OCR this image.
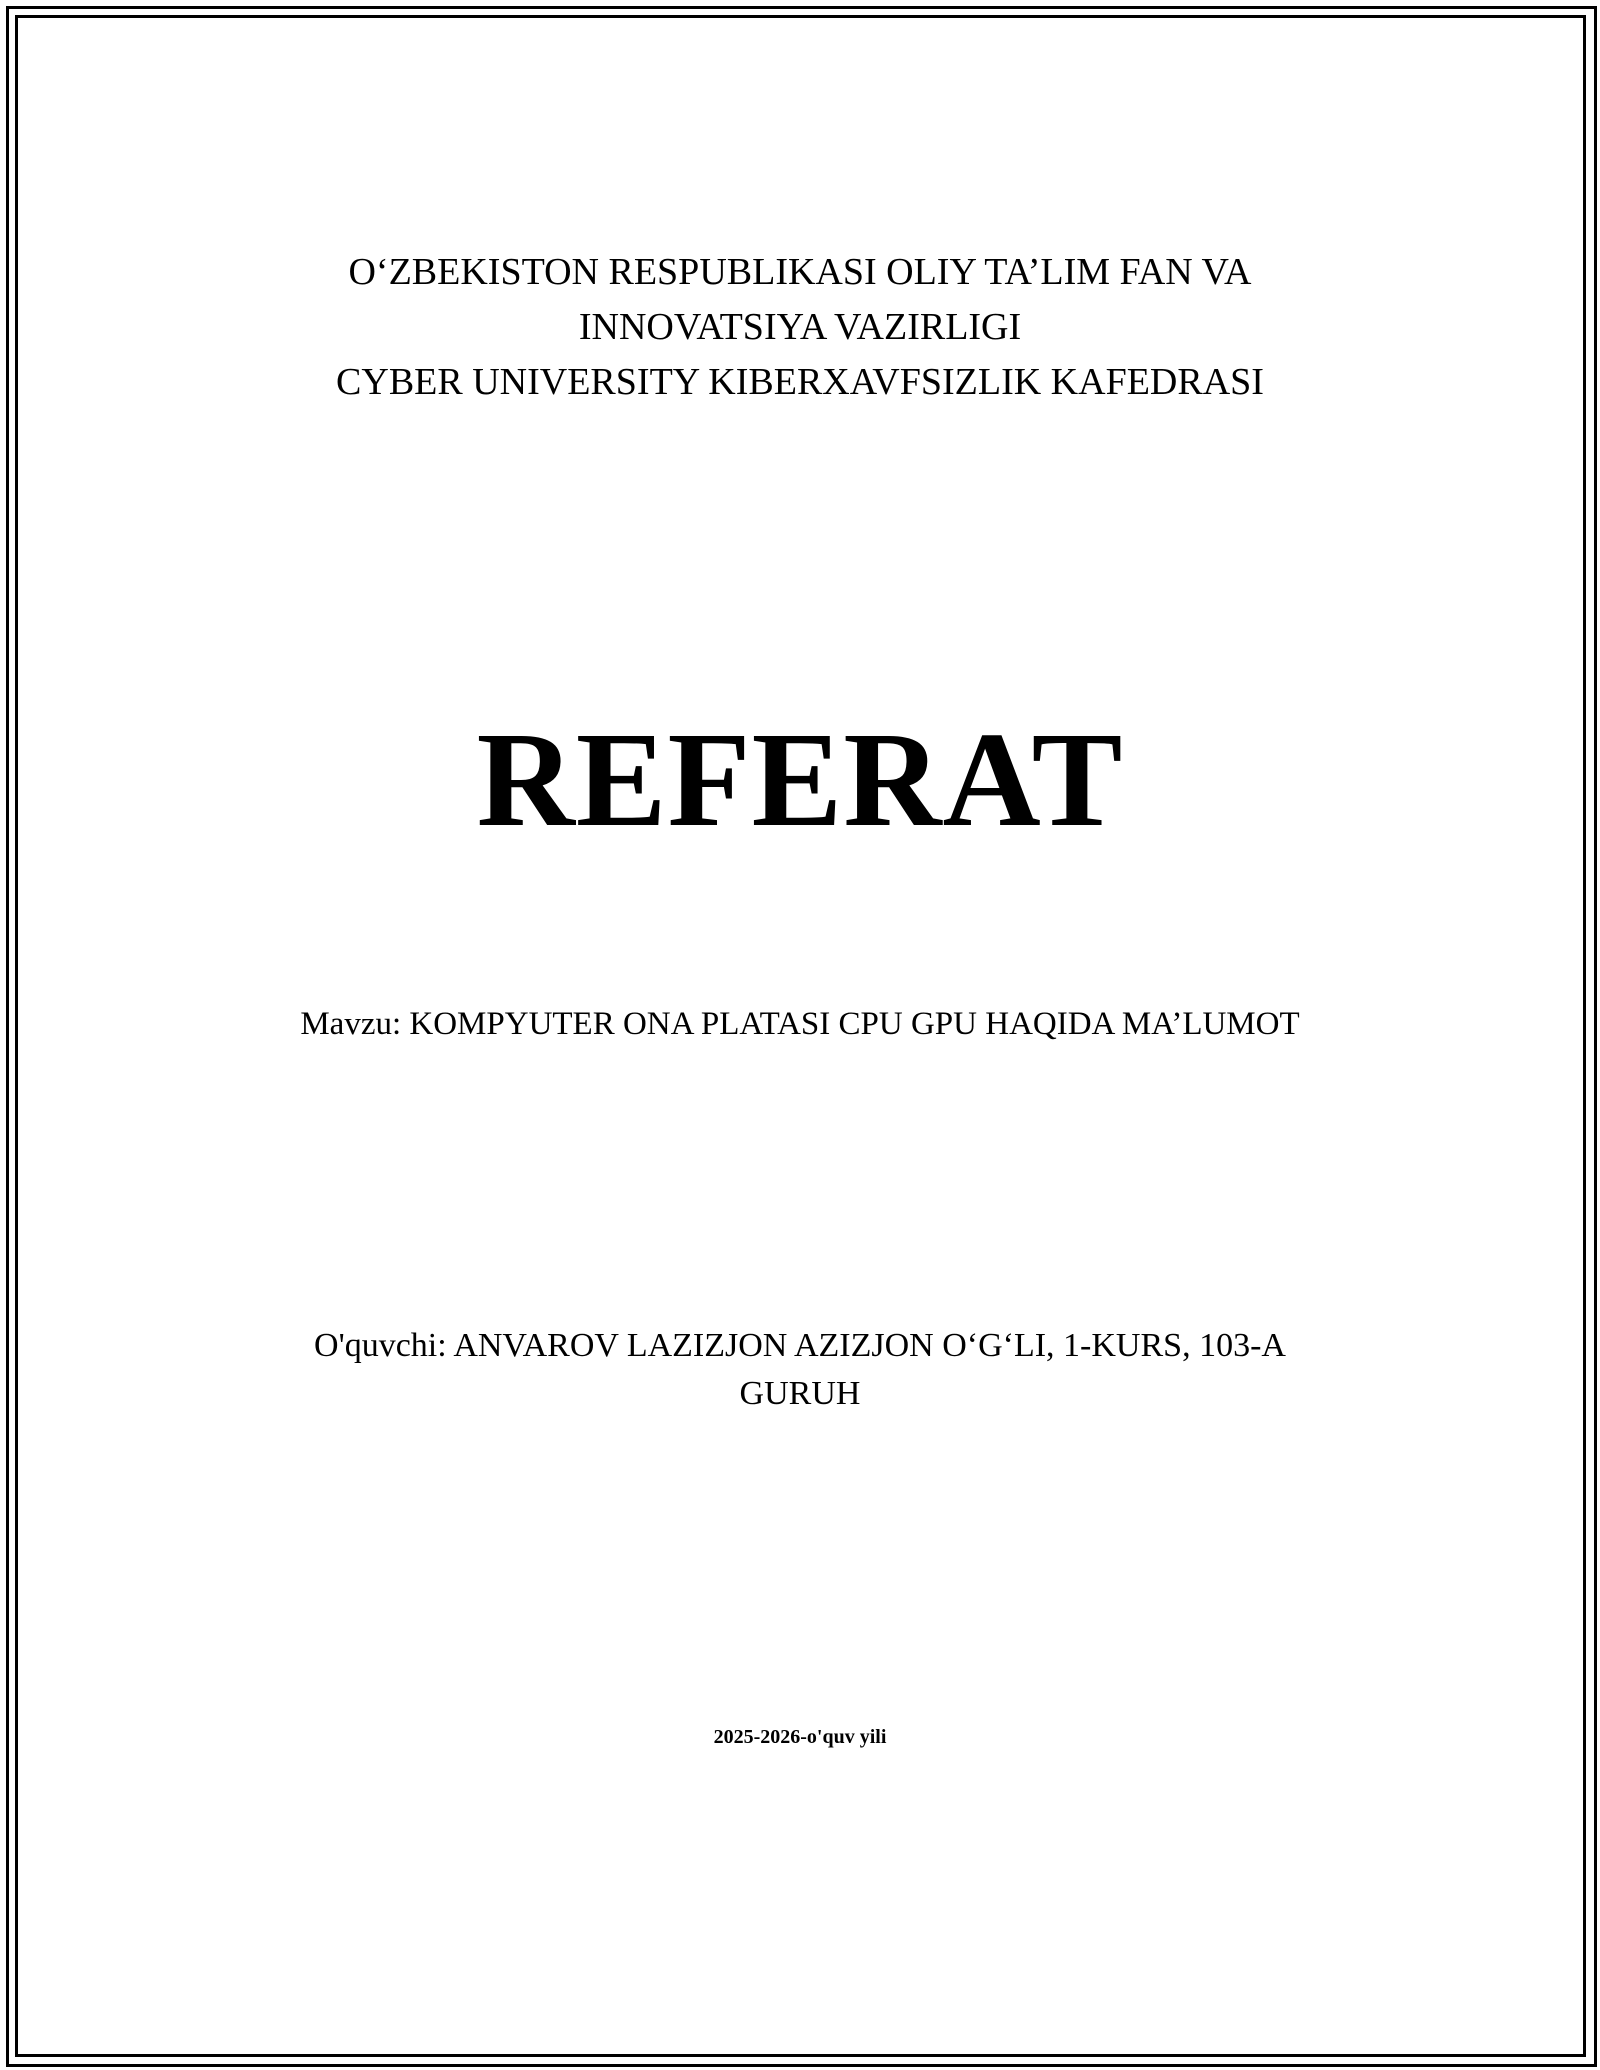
O‘ZBEKISTON RESPUBLIKASI OLIY TA’LIM FAN VA
INNOVATSIYA VAZIRLIGI
CYBER UNIVERSITY KIBERXAVFSIZLIK KAFEDRASI
REFERAT
Mavzu: KOMPYUTER ONA PLATASI CPU GPU HAQIDA MA’LUMOT
O'quvchi: ANVAROV LAZIZJON AZIZJON O‘G‘LI, 1-KURS, 103-A
GURUH
2025-2026-o'quv yili
